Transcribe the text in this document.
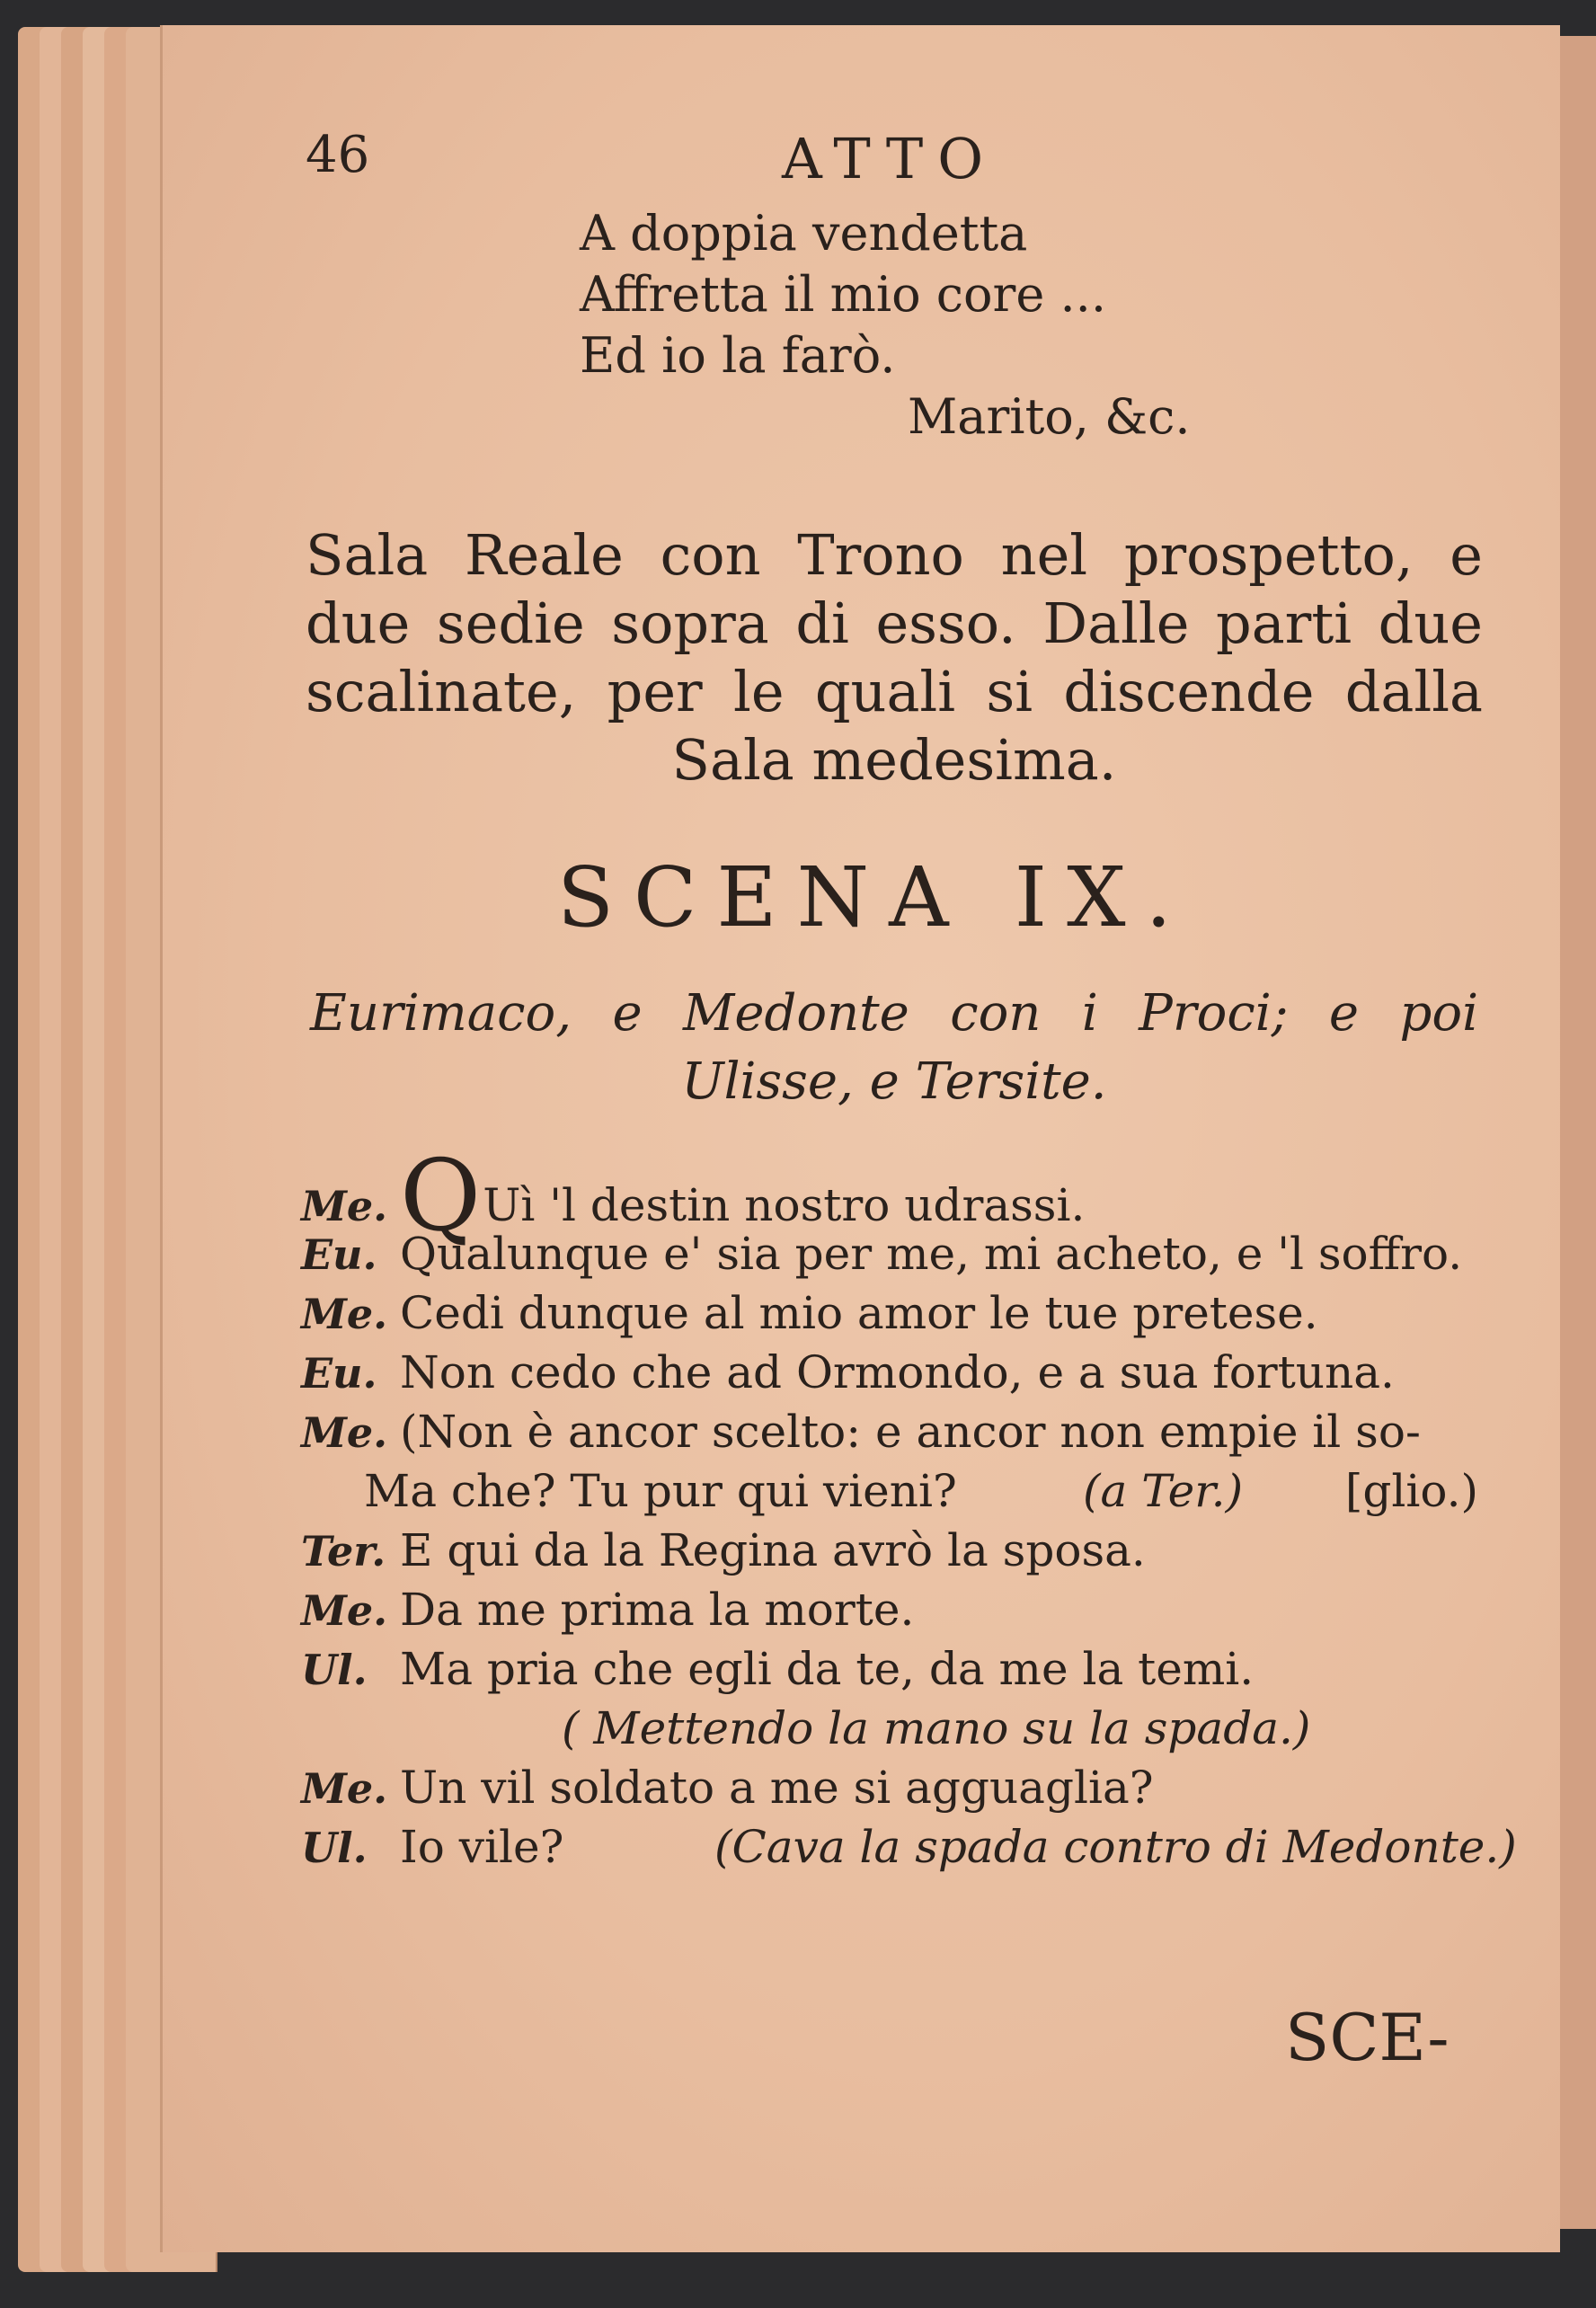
46	ATTO

A doppia vendetta

Affretta il mio core ...

Ed io la farò.

Marito, &c.

Sala Reale con Trono nel prospetto, e due sedie sopra di esso. Dalle parti due scalinate, per le quali si discende dalla Sala medesima.

SCENA IX.

Eurimaco, e Medonte con i Proci; e poi Ulisse, e Tersite.
Me. QUì 'l destin nostro udrassi.
Eu. Qualunque e' sia per me, mi acheto, e 'l soffro.
Me. Cedi dunque al mio amor le tue pretese.
Eu. Non cedo che ad Ormondo, e a sua fortuna.
Me. (Non è ancor scelto: e ancor non empie il so-
Ma che? Tu pur qui vieni?	(a Ter.) [glio.)
Ter. E qui da la Regina avrò la sposa.
Me. Da me prima la morte.
Ul. Ma pria che egli da te, da me la temi.
( Mettendo la mano su la spada.)
Me. Un vil soldato a me si agguaglia?
Ul. Io vile?	(Cava la spada contro di Medonte.)

SCE-
